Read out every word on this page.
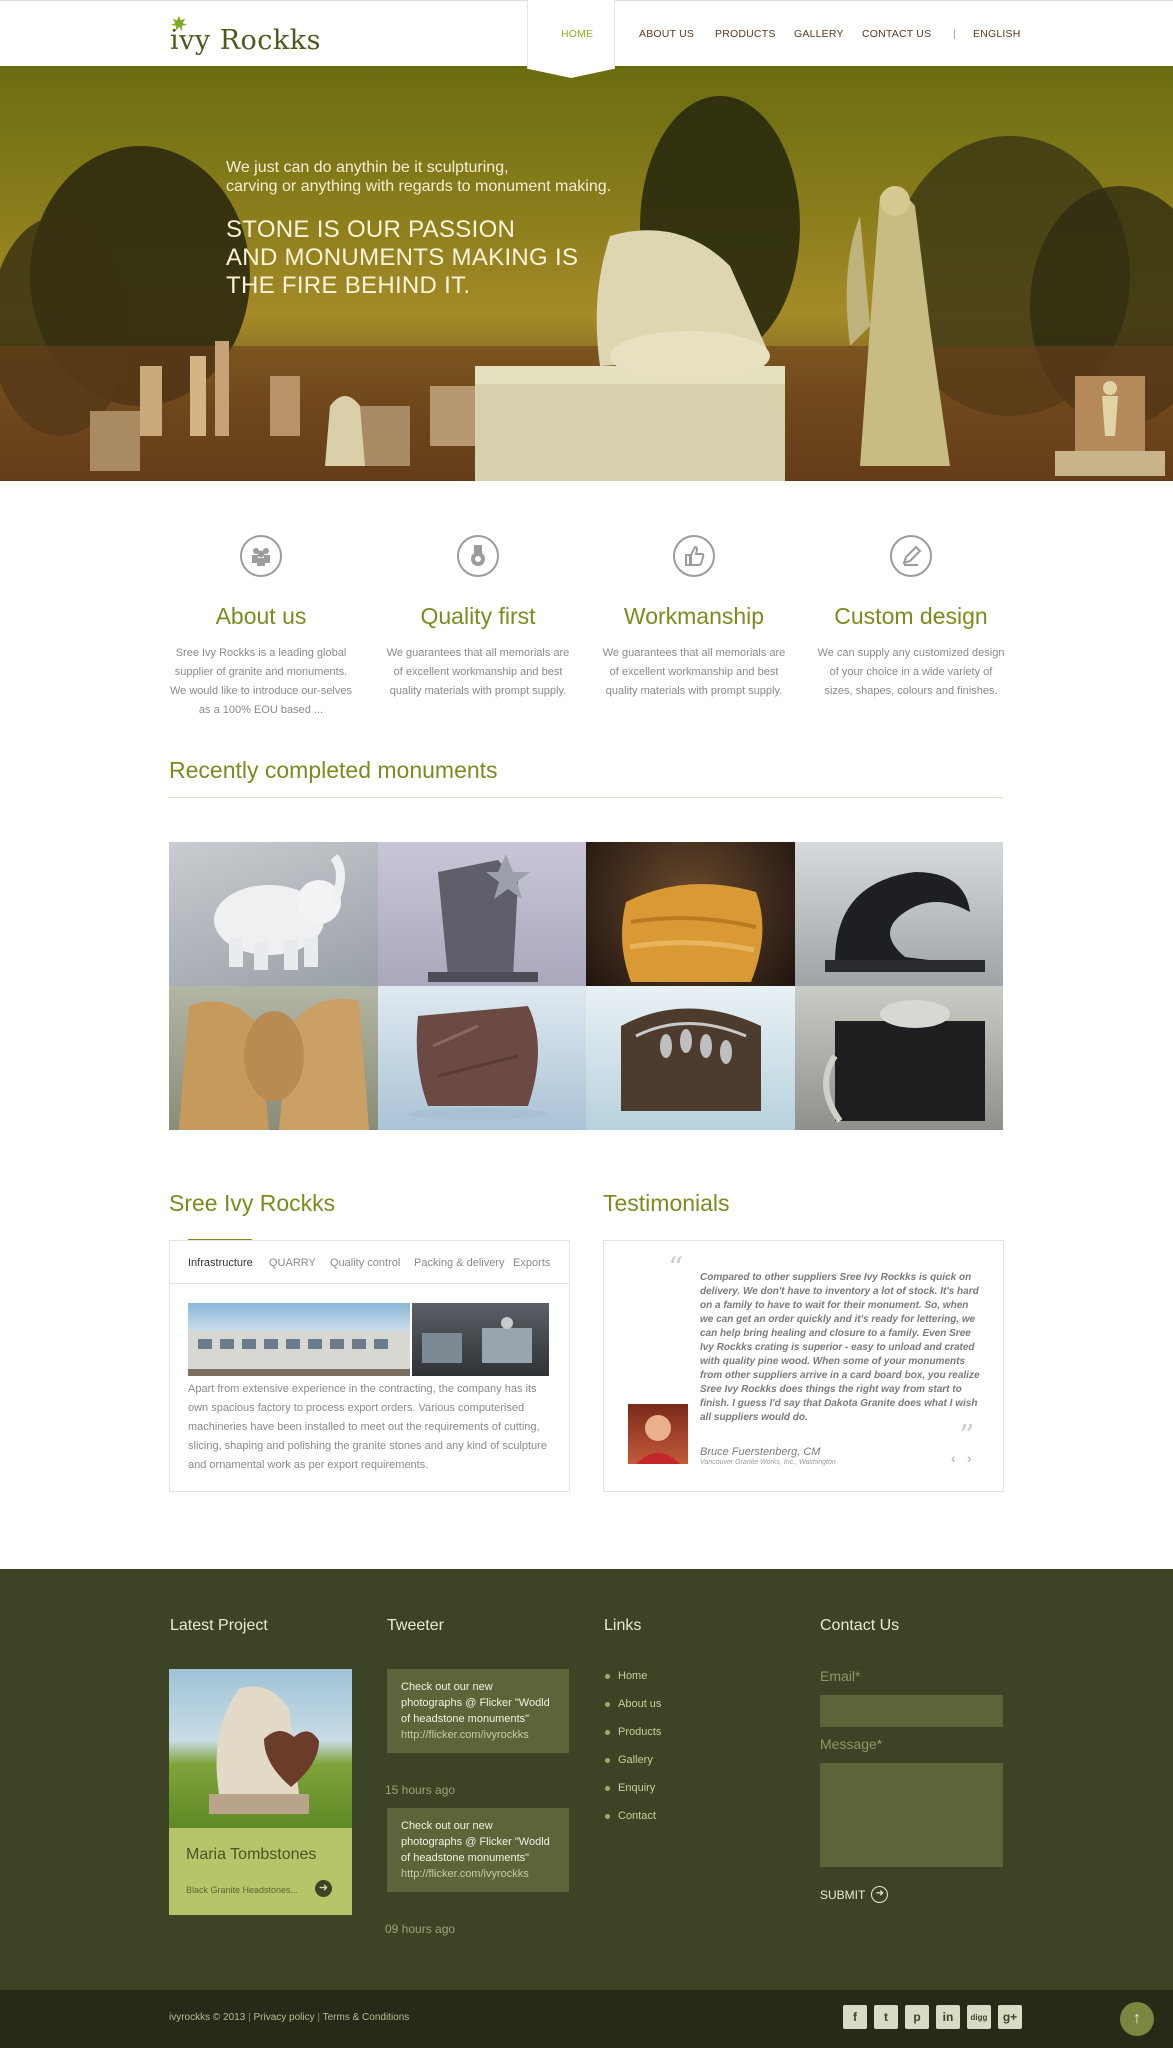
ivy Rockks	HOME	ABOUT US PRODUCTS GALLERY CONTACT US | ENGLISH
We just can do anythin be it sculpturing,
carving or anything with regards to monument making.
STONE IS OUR PASSION
AND MONUMENTS MAKING IS
THE FIRE BEHIND IT.
About us

Sree Ivy Rockks is a leading global supplier of granite and monuments. We would like to introduce our-selves as a 100% EOU based ...

Quality first

We guarantees that all memorials are of excellent workmanship and best quality materials with prompt supply.

Workmanship

We guarantees that all memorials are of excellent workmanship and best quality materials with prompt supply.

Custom design

We can supply any customized design of your choice in a wide variety of sizes, shapes, colours and finishes.

Recently completed monuments
Sree Ivy Rockks
Infrastructure QUARRY Quality control Packing & delivery Exports

Apart from extensive experience in the contracting, the company has its own spacious factory to process export orders. Various computerised machineries have been installed to meet out the requirements of cutting, slicing, shaping and polishing the granite stones and any kind of sculpture and ornamental work as per export requirements.

Testimonials
“ Compared to other suppliers Sree Ivy Rockks is quick on delivery. We don't have to inventory a lot of stock. It's hard on a family to have to wait for their monument. So, when we can get an order quickly and it's ready for lettering, we can help bring healing and closure to a family. Even Sree Ivy Rockks crating is superior - easy to unload and crated with quality pine wood. When some of your monuments from other suppliers arrive in a card board box, you realize Sree Ivy Rockks does things the right way from start to finish. I guess I'd say that Dakota Granite does what I wish all suppliers would do.

”
Bruce Fuerstenberg, CM
Vancouver Granite Works, Inc., Washington	‹ ›
Latest Project
Maria Tombstones
Black Granite Headstones...	➜
Tweeter
Check out our new photographs @ Flicker "Wodld of headstone monuments"
http://flicker.com/ivyrockks
15 hours ago
Check out our new photographs @ Flicker "Wodld of headstone monuments"
http://flicker.com/ivyrockks
09 hours ago
Links
Home
About us
Products
Gallery
Enquiry
Contact
Contact Us
Email*
Message*
SUBMIT	➜
ivyrockks © 2013 | Privacy policy | Terms & Conditions	f	t	p	in	digg	g+	↑
